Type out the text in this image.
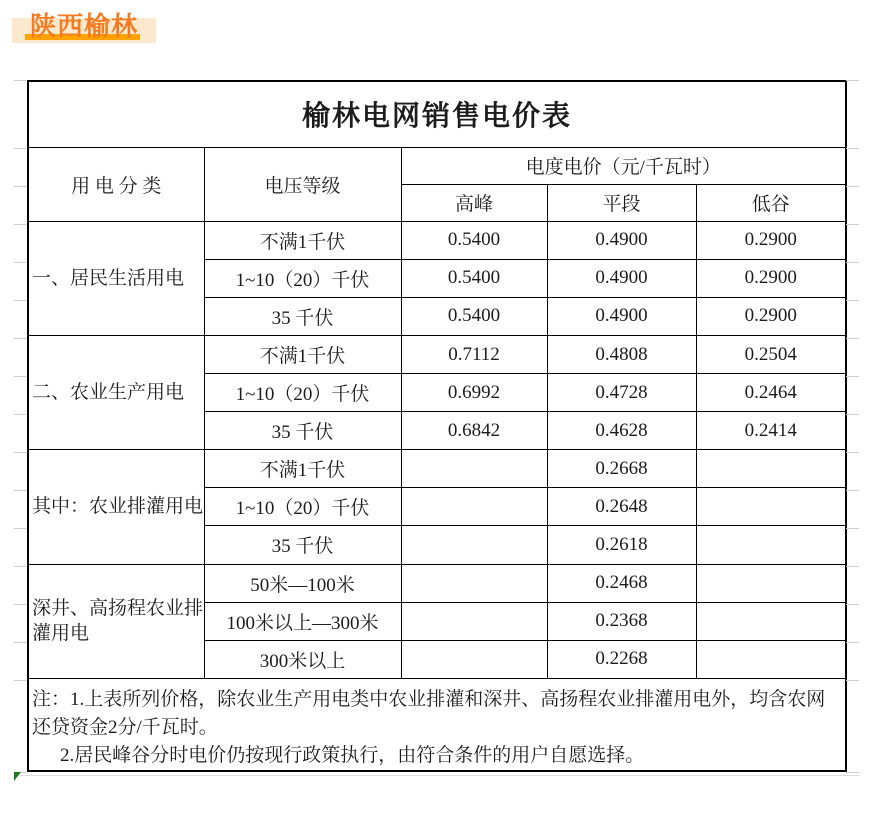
陕西榆林
榆林电网销售电价表				
用 电 分 类	电压等级	电度电价（元/千瓦时）		
		高峰	平段	低谷
一、居民生活用电	不满1千伏	0.5400	0.4900	0.2900
	1~10（20）千伏	0.5400	0.4900	0.2900
	35 千伏	0.5400	0.4900	0.2900
二、农业生产用电	不满1千伏	0.7112	0.4808	0.2504
	1~10（20）千伏	0.6992	0.4728	0.2464
	35 千伏	0.6842	0.4628	0.2414
其中：农业排灌用电	不满1千伏		0.2668	
	1~10（20）千伏		0.2648	
	35 千伏		0.2618	
深井、高扬程农业排灌用电	50米—100米		0.2468	
	100米以上—300米		0.2368	
	300米以上		0.2268	

注：1.上表所列价格，除农业生产用电类中农业排灌和深井、高扬程农业排灌用电外，均含农网还贷资金2分/千瓦时。
2.居民峰谷分时电价仍按现行政策执行，由符合条件的用户自愿选择。				
